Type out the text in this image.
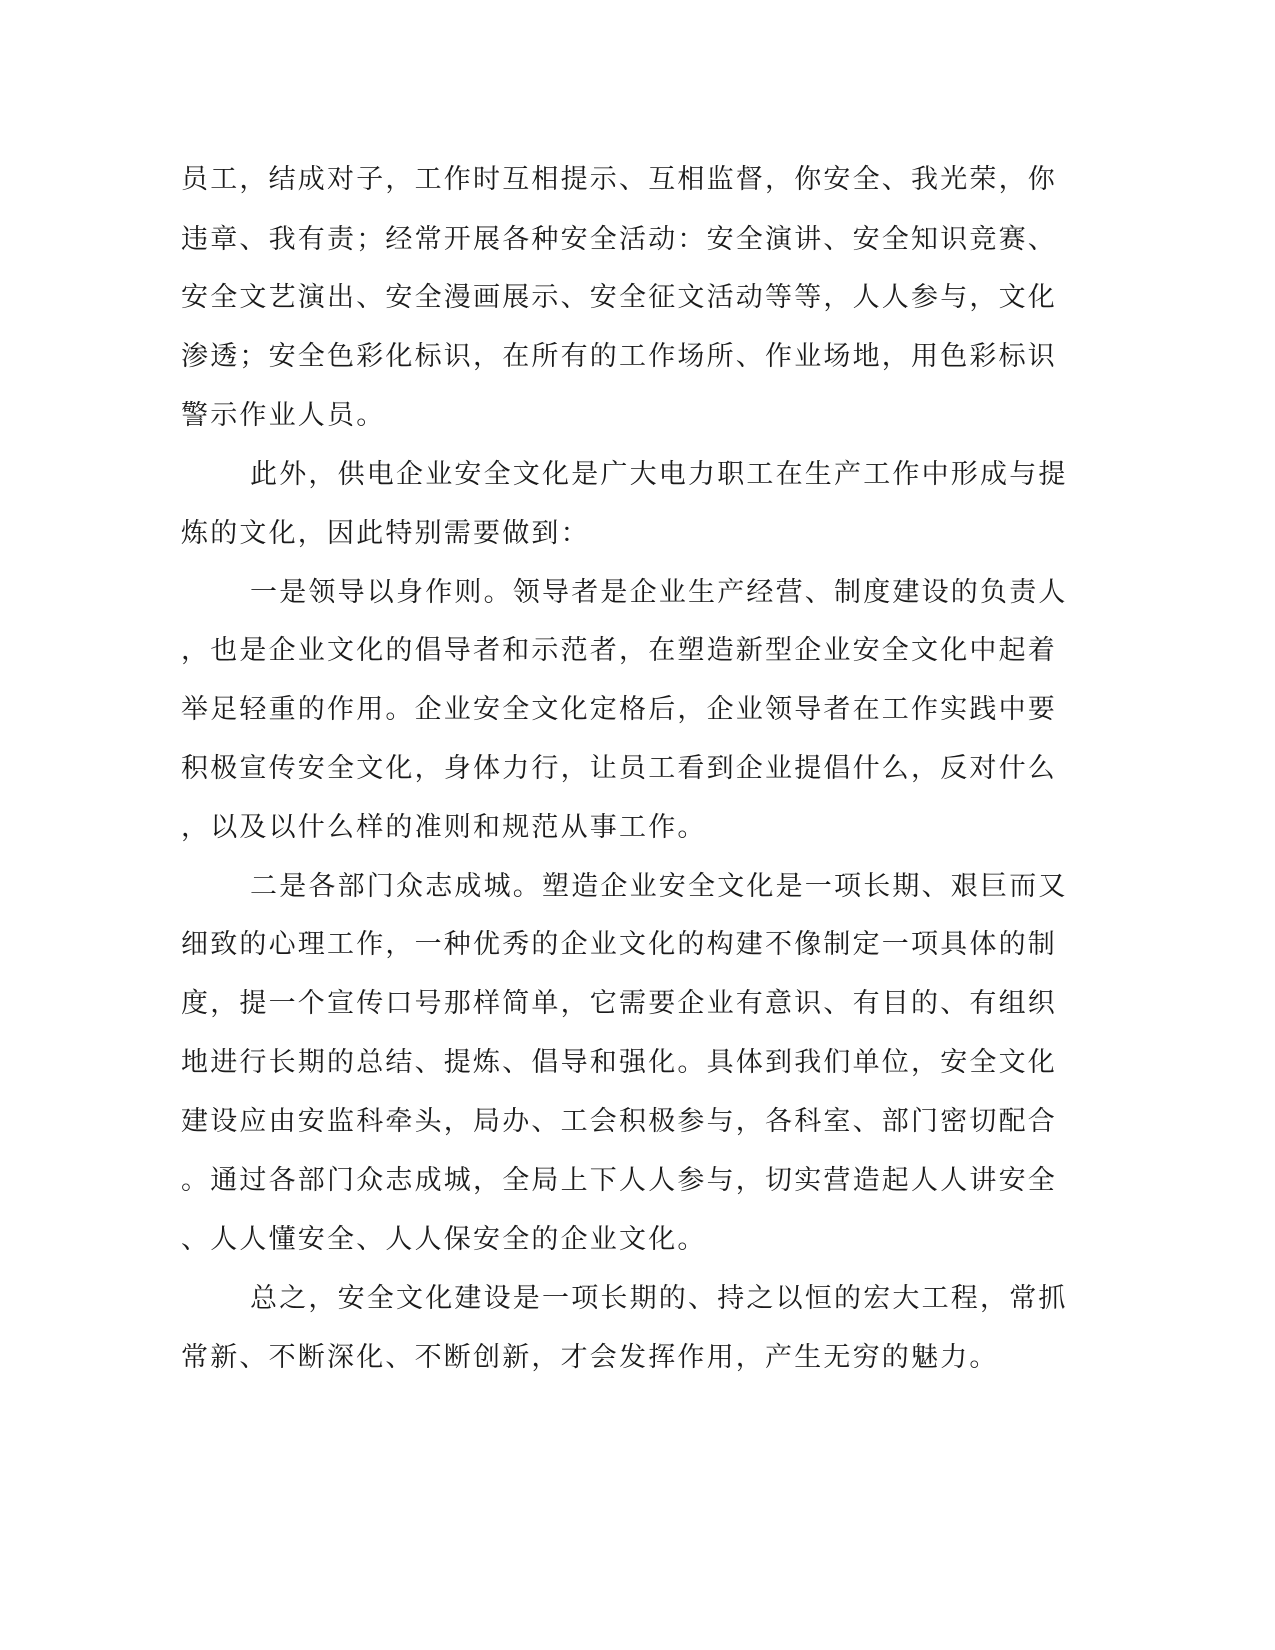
员工，结成对子，工作时互相提示、互相监督，你安全、我光荣，你
违章、我有责；经常开展各种安全活动：安全演讲、安全知识竞赛、
安全文艺演出、安全漫画展示、安全征文活动等等，人人参与，文化
渗透；安全色彩化标识，在所有的工作场所、作业场地，用色彩标识
警示作业人员。
此外，供电企业安全文化是广大电力职工在生产工作中形成与提
炼的文化，因此特别需要做到：
一是领导以身作则。领导者是企业生产经营、制度建设的负责人
，也是企业文化的倡导者和示范者，在塑造新型企业安全文化中起着
举足轻重的作用。企业安全文化定格后，企业领导者在工作实践中要
积极宣传安全文化，身体力行，让员工看到企业提倡什么，反对什么
，以及以什么样的准则和规范从事工作。
二是各部门众志成城。塑造企业安全文化是一项长期、艰巨而又
细致的心理工作，一种优秀的企业文化的构建不像制定一项具体的制
度，提一个宣传口号那样简单，它需要企业有意识、有目的、有组织
地进行长期的总结、提炼、倡导和强化。具体到我们单位，安全文化
建设应由安监科牵头，局办、工会积极参与，各科室、部门密切配合
。通过各部门众志成城，全局上下人人参与，切实营造起人人讲安全
、人人懂安全、人人保安全的企业文化。
总之，安全文化建设是一项长期的、持之以恒的宏大工程，常抓
常新、不断深化、不断创新，才会发挥作用，产生无穷的魅力。
